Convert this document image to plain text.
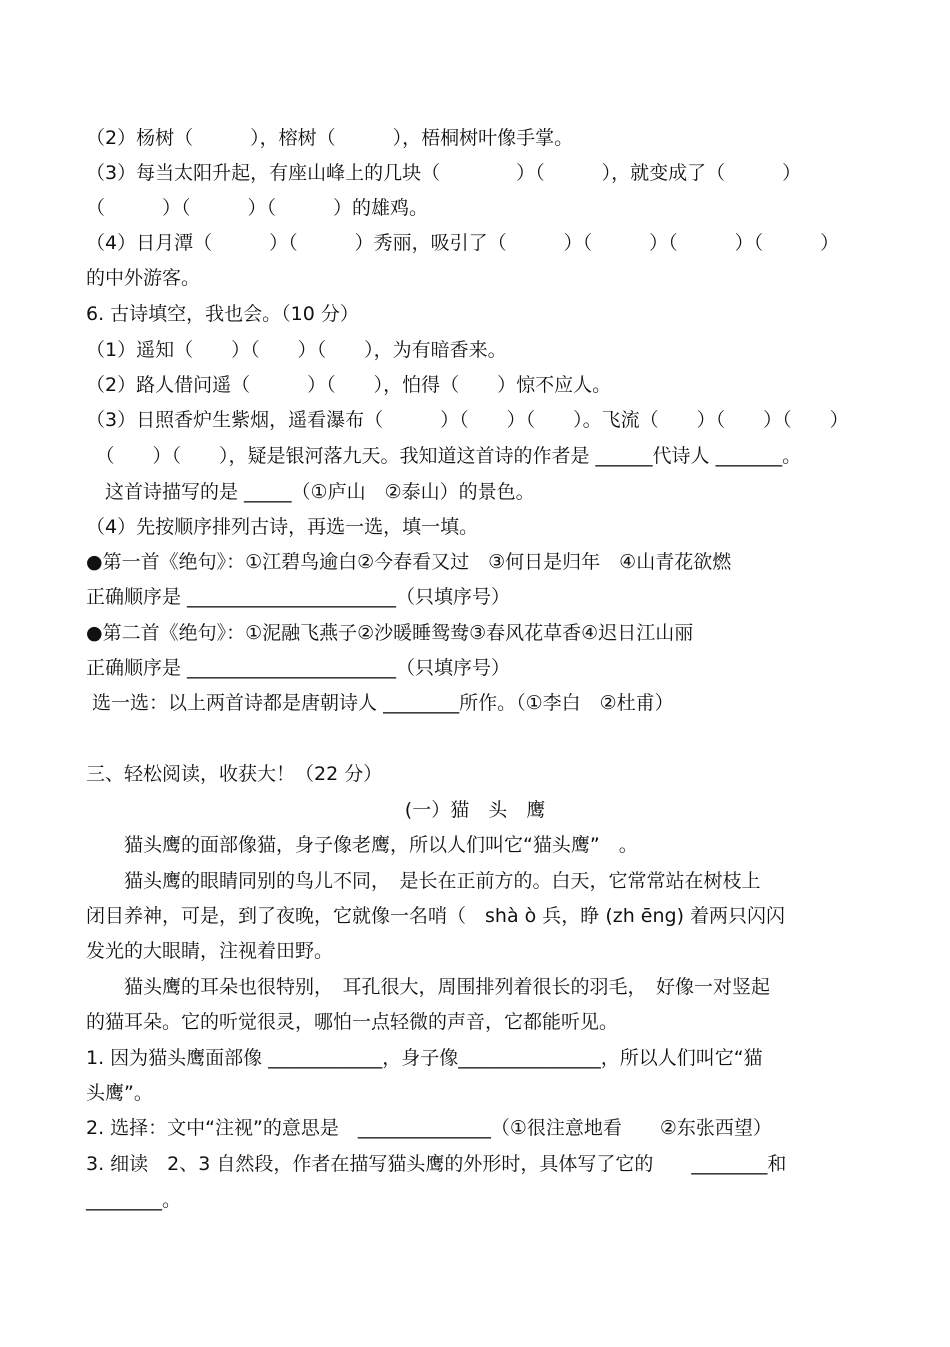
（2）杨树（　　　），榕树（　　　），梧桐树叶像手掌。
（3）每当太阳升起，有座山峰上的几块（　　　　）（　　　），就变成了（　　　）
（　　　）（　　　）（　　　）的雄鸡。
（4）日月潭（　　　）（　　　）秀丽，吸引了（　　　）（　　　）（　　　）（　　　）
的中外游客。
6. 古诗填空，我也会。（10 分）
（1）遥知（　　）（　　）（　　），为有暗香来。
（2）路人借问遥（　　　）（　　），怕得（　　）惊不应人。
（3）日照香炉生紫烟，遥看瀑布（　　　）（　　）（　　）。飞流（　　）（　　）（　　）
　（　　）（　　），疑是银河落九天。我知道这首诗的作者是 ______代诗人 _______。
　这首诗描写的是 _____（①庐山　②泰山）的景色。
（4）先按顺序排列古诗，再选一选，填一填。
●第一首《绝句》：①江碧鸟逾白②今春看又过　③何日是归年　④山青花欲燃
正确顺序是 ______________________（只填序号）
●第二首《绝句》：①泥融飞燕子②沙暖睡鸳鸯③春风花草香④迟日江山丽
正确顺序是 ______________________（只填序号）
选一选：以上两首诗都是唐朝诗人 ________所作。（①李白　②杜甫）
三、轻松阅读，收获大！（22 分）
(一）猫　头　鹰
　　猫头鹰的面部像猫，身子像老鹰，所以人们叫它“猫头鹰”　。
　　猫头鹰的眼睛同别的鸟儿不同，　是长在正前方的。白天，它常常站在树枝上
闭目养神，可是，到了夜晚，它就像一名哨（　shà ò 兵，睁 (zh ēng) 着两只闪闪
发光的大眼睛，注视着田野。
　　猫头鹰的耳朵也很特别，　耳孔很大，周围排列着很长的羽毛，　好像一对竖起
的猫耳朵。它的听觉很灵，哪怕一点轻微的声音，它都能听见。
1. 因为猫头鹰面部像 ____________，身子像_______________，所以人们叫它“猫
头鹰”。
2. 选择：文中“注视”的意思是　______________（①很注意地看　　②东张西望）
3. 细读　2、3 自然段，作者在描写猫头鹰的外形时，具体写了它的　　________和
________。
